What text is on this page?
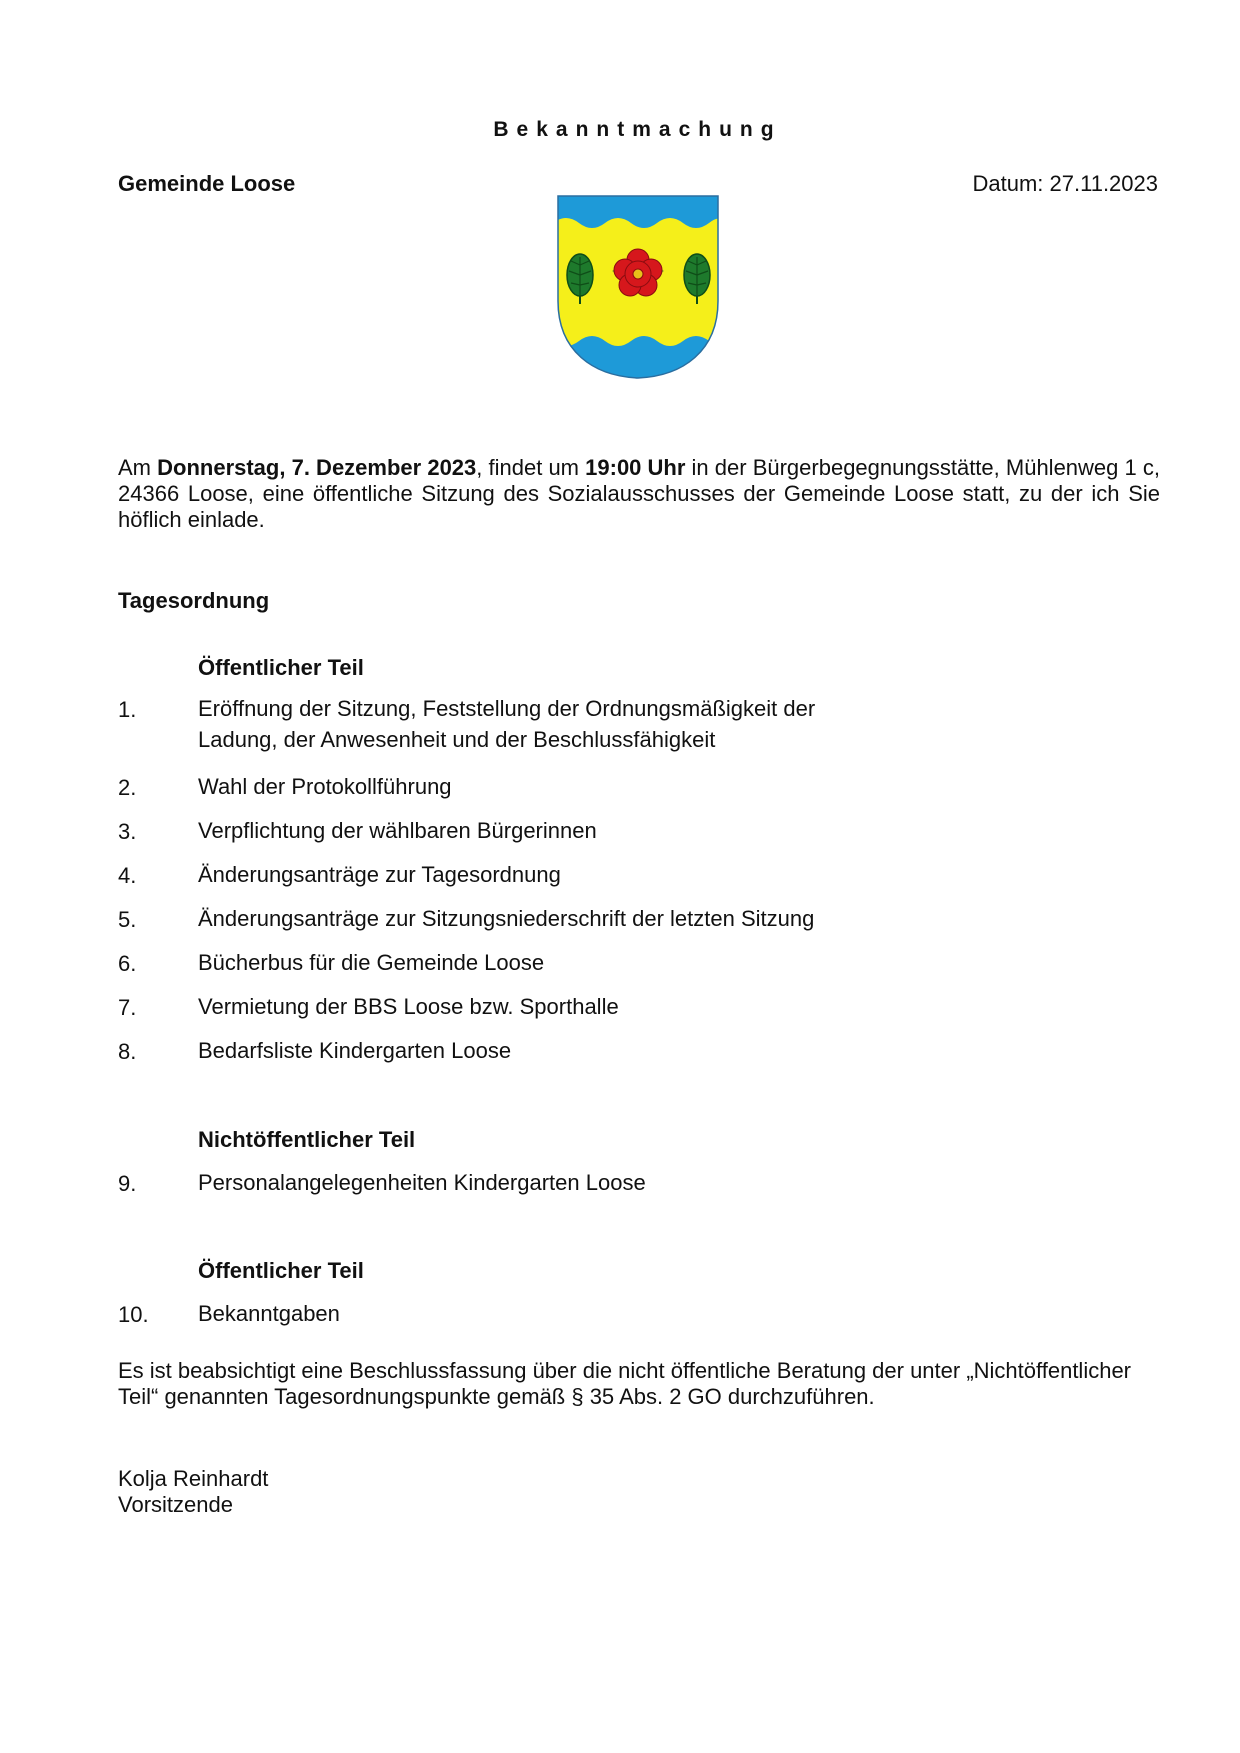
Bekanntmachung
Gemeinde Loose	Datum: 27.11.2023
Am Donnerstag, 7. Dezember 2023, findet um 19:00 Uhr in der Bürgerbegegnungsstätte, Mühlenweg 1 c, 24366 Loose, eine öffentliche Sitzung des Sozialausschusses der Gemeinde Loose statt, zu der ich Sie höflich einlade.
Tagesordnung
Öffentlicher Teil
1.	Eröffnung der Sitzung, Feststellung der Ordnungsmäßigkeit der Ladung, der Anwesenheit und der Beschlussfähigkeit
2.	Wahl der Protokollführung
3.	Verpflichtung der wählbaren Bürgerinnen
4.	Änderungsanträge zur Tagesordnung
5.	Änderungsanträge zur Sitzungsniederschrift der letzten Sitzung
6.	Bücherbus für die Gemeinde Loose
7.	Vermietung der BBS Loose bzw. Sporthalle
8.	Bedarfsliste Kindergarten Loose
Nichtöffentlicher Teil
9.	Personalangelegenheiten Kindergarten Loose
Öffentlicher Teil
10. Bekanntgaben
Es ist beabsichtigt eine Beschlussfassung über die nicht öffentliche Beratung der unter „Nichtöffentlicher Teil“ genannten Tagesordnungspunkte gemäß § 35 Abs. 2 GO durchzuführen.
Kolja Reinhardt
Vorsitzende
